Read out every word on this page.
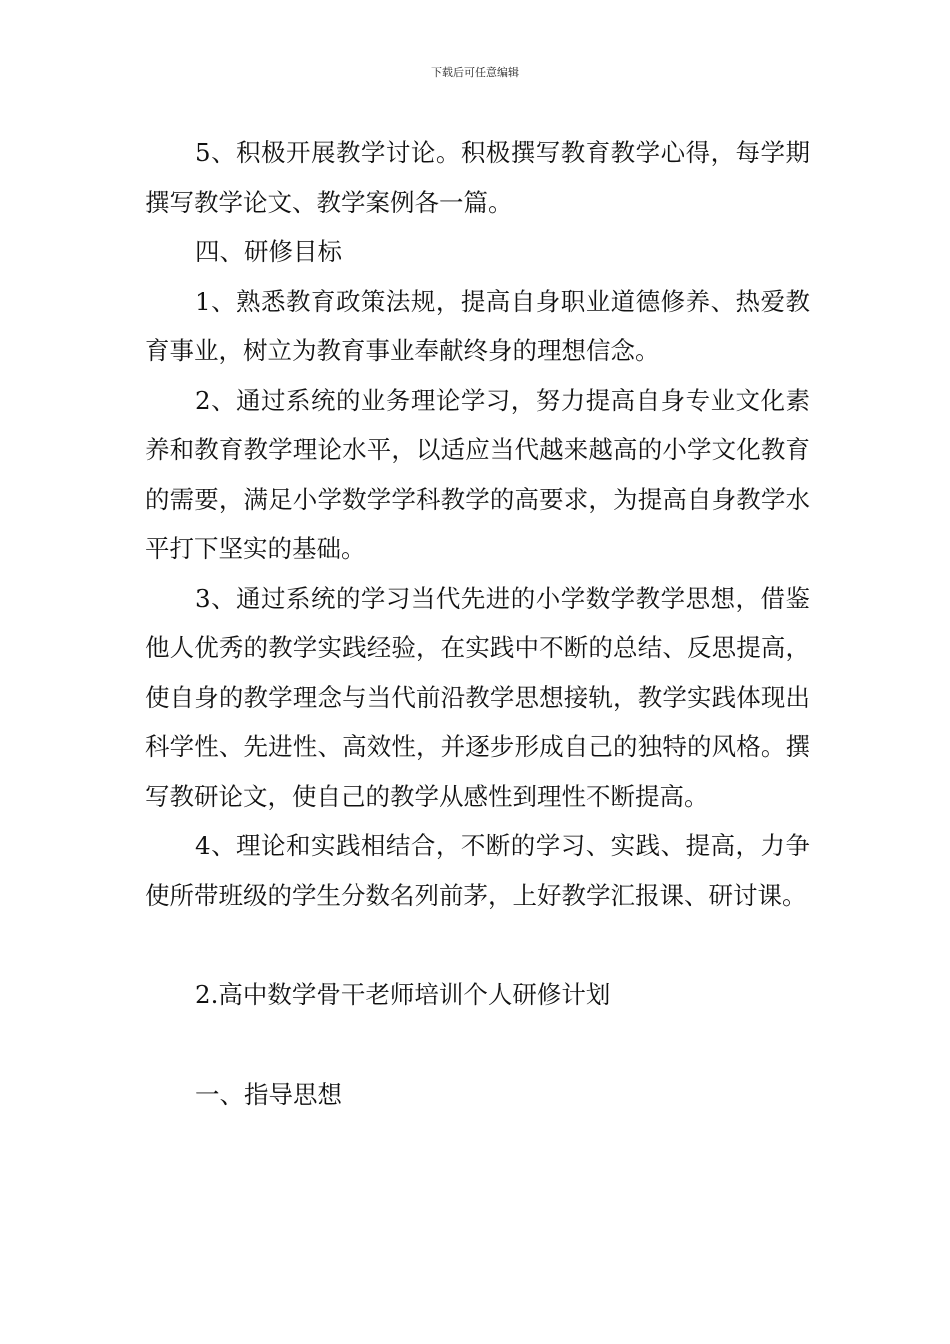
下载后可任意编辑

5、积极开展教学讨论。积极撰写教育教学心得，每学期撰写教学论文、教学案例各一篇。

四、研修目标

1、熟悉教育政策法规，提高自身职业道德修养、热爱教育事业，树立为教育事业奉献终身的理想信念。

2、通过系统的业务理论学习，努力提高自身专业文化素养和教育教学理论水平，以适应当代越来越高的小学文化教育的需要，满足小学数学学科教学的高要求，为提高自身教学水平打下坚实的基础。

3、通过系统的学习当代先进的小学数学教学思想，借鉴他人优秀的教学实践经验，在实践中不断的总结、反思提高，使自身的教学理念与当代前沿教学思想接轨，教学实践体现出科学性、先进性、高效性，并逐步形成自己的独特的风格。撰写教研论文，使自己的教学从感性到理性不断提高。

4、理论和实践相结合，不断的学习、实践、提高，力争使所带班级的学生分数名列前茅，上好教学汇报课、研讨课。

2.高中数学骨干老师培训个人研修计划

一、指导思想
